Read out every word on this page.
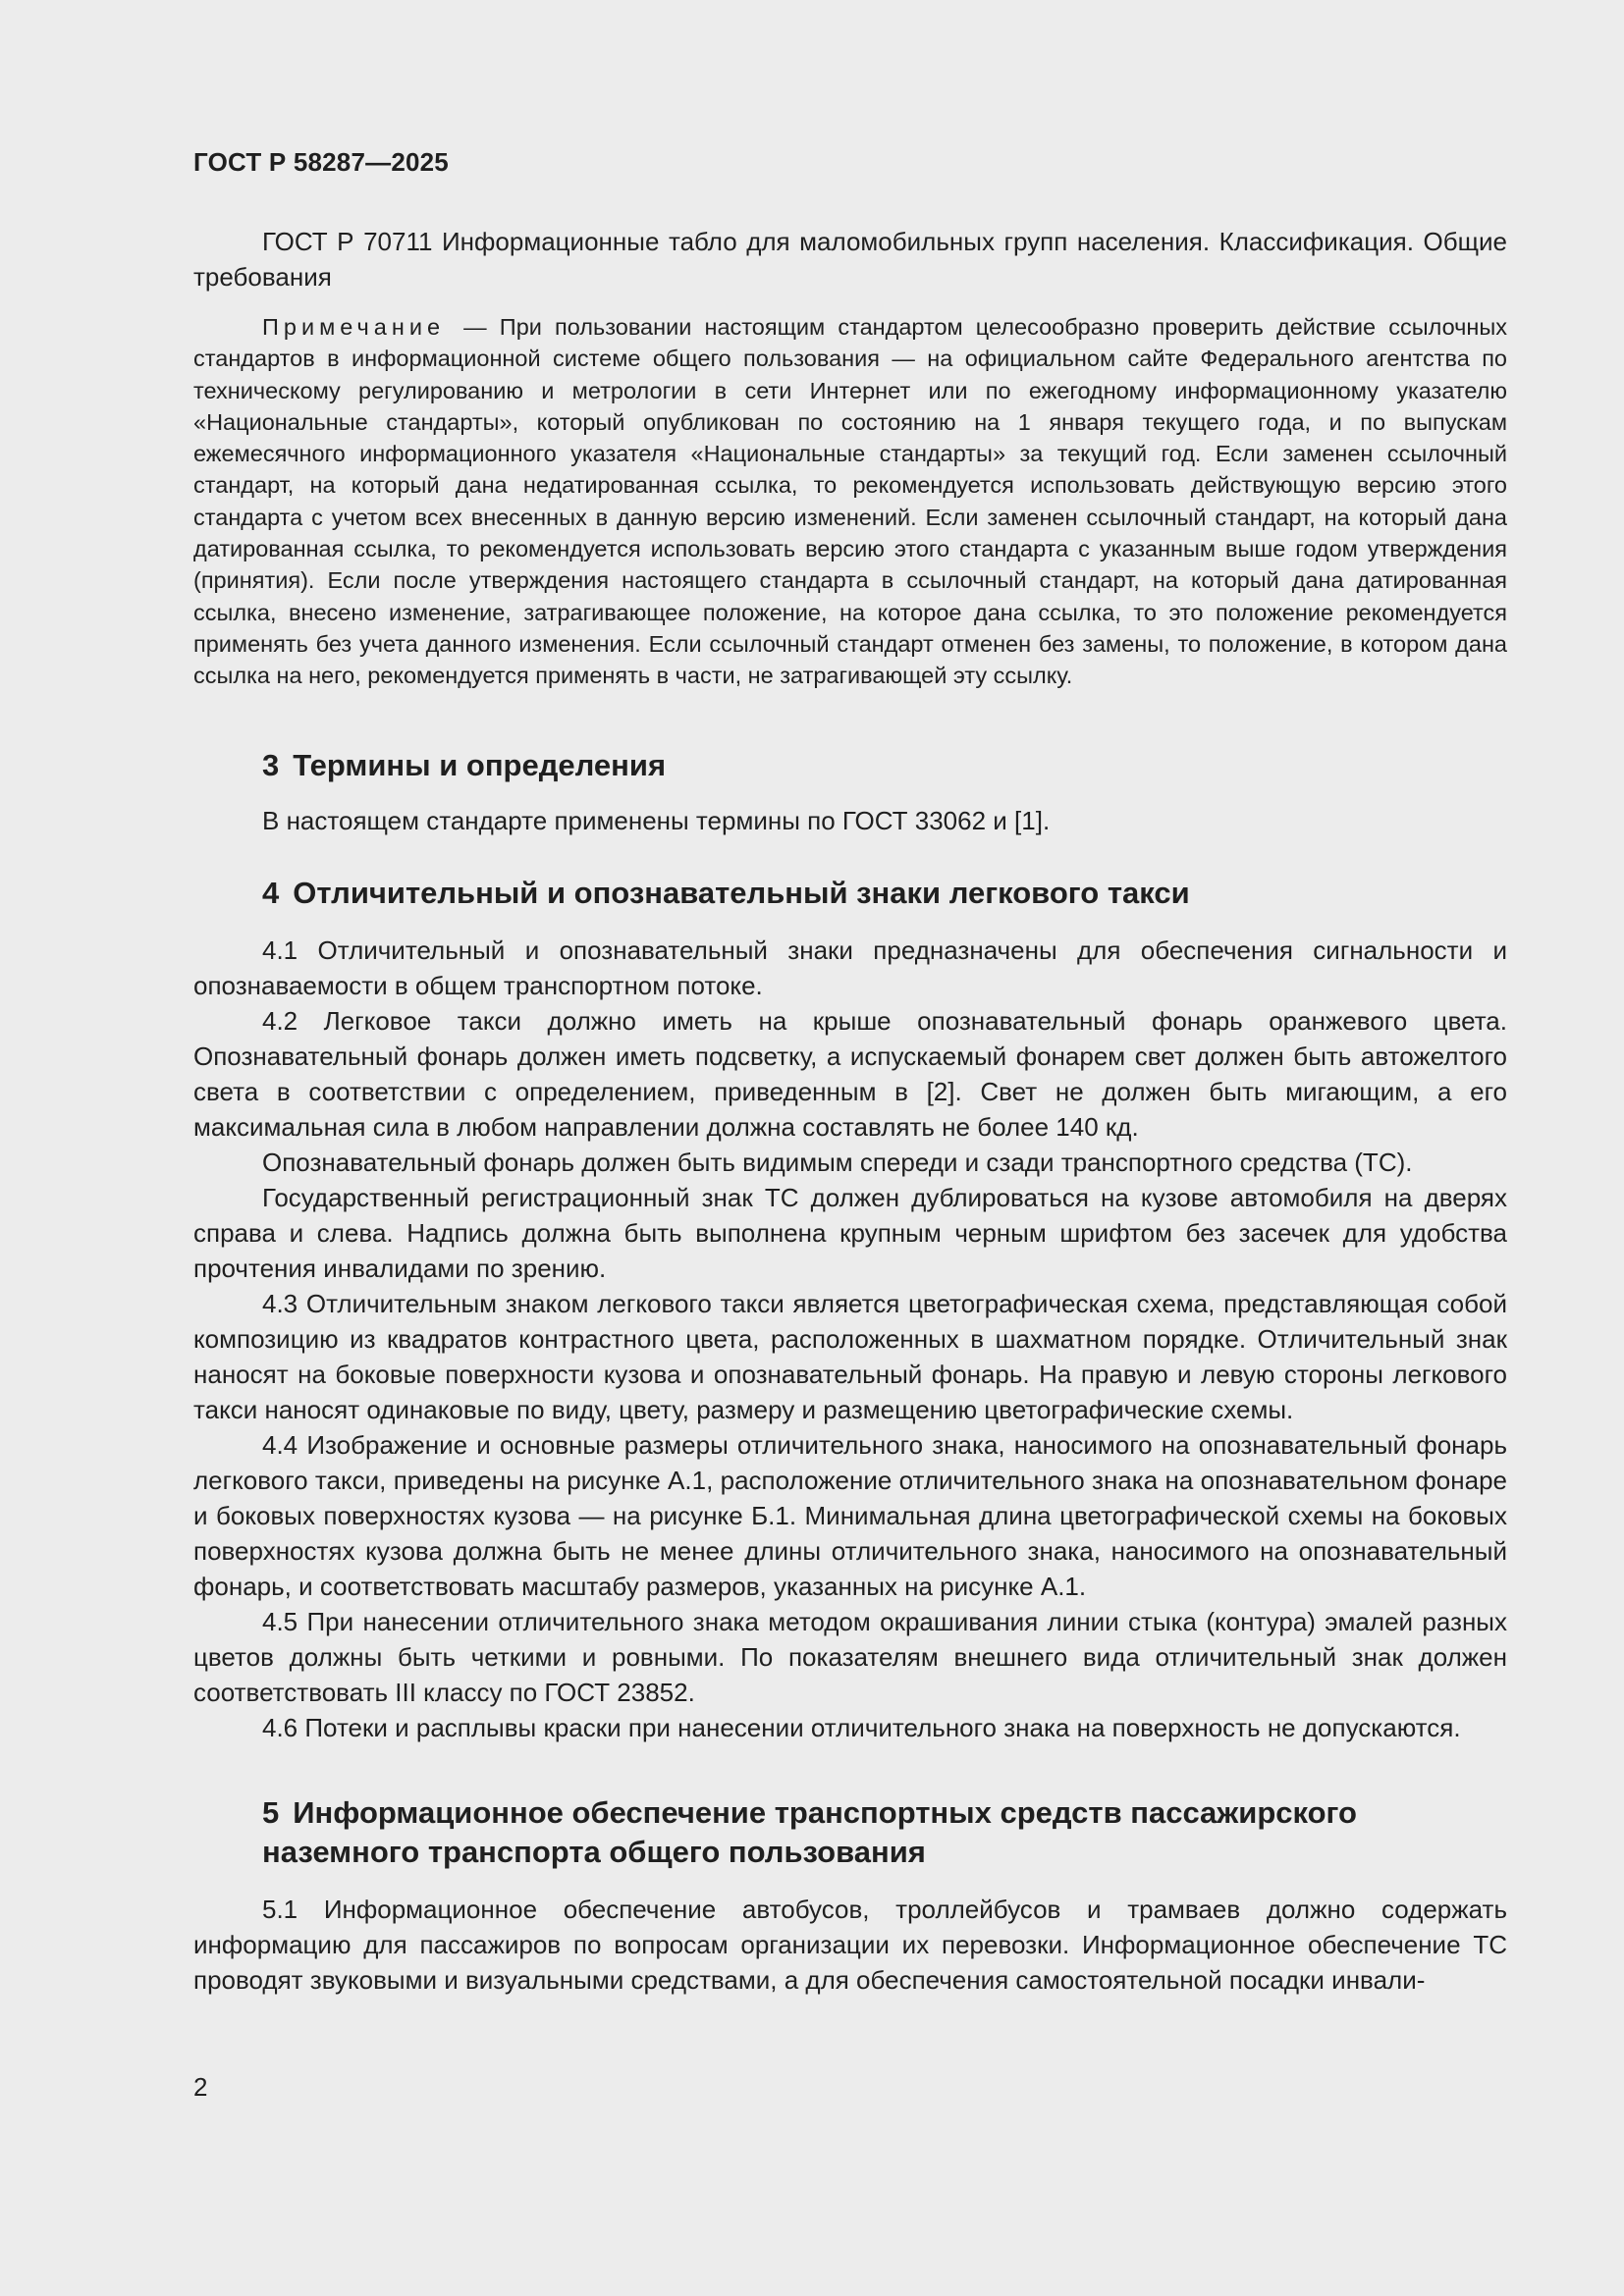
ГОСТ Р 58287—2025

ГОСТ Р 70711 Информационные табло для маломобильных групп населения. Классификация. Общие требования

Примечание — При пользовании настоящим стандартом целесообразно проверить действие ссылочных стандартов в информационной системе общего пользования — на официальном сайте Федерального агентства по техническому регулированию и метрологии в сети Интернет или по ежегодному информационному указателю «Национальные стандарты», который опубликован по состоянию на 1 января текущего года, и по выпускам ежемесячного информационного указателя «Национальные стандарты» за текущий год. Если заменен ссылочный стандарт, на который дана недатированная ссылка, то рекомендуется использовать действующую версию этого стандарта с учетом всех внесенных в данную версию изменений. Если заменен ссылочный стандарт, на который дана датированная ссылка, то рекомендуется использовать версию этого стандарта с указанным выше годом утверждения (принятия). Если после утверждения настоящего стандарта в ссылочный стандарт, на который дана датированная ссылка, внесено изменение, затрагивающее положение, на которое дана ссылка, то это положение рекомендуется применять без учета данного изменения. Если ссылочный стандарт отменен без замены, то положение, в котором дана ссылка на него, рекомендуется применять в части, не затрагивающей эту ссылку.

3 Термины и определения

В настоящем стандарте применены термины по ГОСТ 33062 и [1].

4 Отличительный и опознавательный знаки легкового такси

4.1 Отличительный и опознавательный знаки предназначены для обеспечения сигнальности и опознаваемости в общем транспортном потоке.

4.2 Легковое такси должно иметь на крыше опознавательный фонарь оранжевого цвета. Опознавательный фонарь должен иметь подсветку, а испускаемый фонарем свет должен быть автожелтого света в соответствии с определением, приведенным в [2]. Свет не должен быть мигающим, а его максимальная сила в любом направлении должна составлять не более 140 кд.

Опознавательный фонарь должен быть видимым спереди и сзади транспортного средства (ТС).

Государственный регистрационный знак ТС должен дублироваться на кузове автомобиля на дверях справа и слева. Надпись должна быть выполнена крупным черным шрифтом без засечек для удобства прочтения инвалидами по зрению.

4.3 Отличительным знаком легкового такси является цветографическая схема, представляющая собой композицию из квадратов контрастного цвета, расположенных в шахматном порядке. Отличительный знак наносят на боковые поверхности кузова и опознавательный фонарь. На правую и левую стороны легкового такси наносят одинаковые по виду, цвету, размеру и размещению цветографические схемы.

4.4 Изображение и основные размеры отличительного знака, наносимого на опознавательный фонарь легкового такси, приведены на рисунке А.1, расположение отличительного знака на опознавательном фонаре и боковых поверхностях кузова — на рисунке Б.1. Минимальная длина цветографической схемы на боковых поверхностях кузова должна быть не менее длины отличительного знака, наносимого на опознавательный фонарь, и соответствовать масштабу размеров, указанных на рисунке А.1.

4.5 При нанесении отличительного знака методом окрашивания линии стыка (контура) эмалей разных цветов должны быть четкими и ровными. По показателям внешнего вида отличительный знак должен соответствовать III классу по ГОСТ 23852.

4.6 Потеки и расплывы краски при нанесении отличительного знака на поверхность не допускаются.

5 Информационное обеспечение транспортных средств пассажирского наземного транспорта общего пользования

5.1 Информационное обеспечение автобусов, троллейбусов и трамваев должно содержать информацию для пассажиров по вопросам организации их перевозки. Информационное обеспечение ТС проводят звуковыми и визуальными средствами, а для обеспечения самостоятельной посадки инвали-

2
